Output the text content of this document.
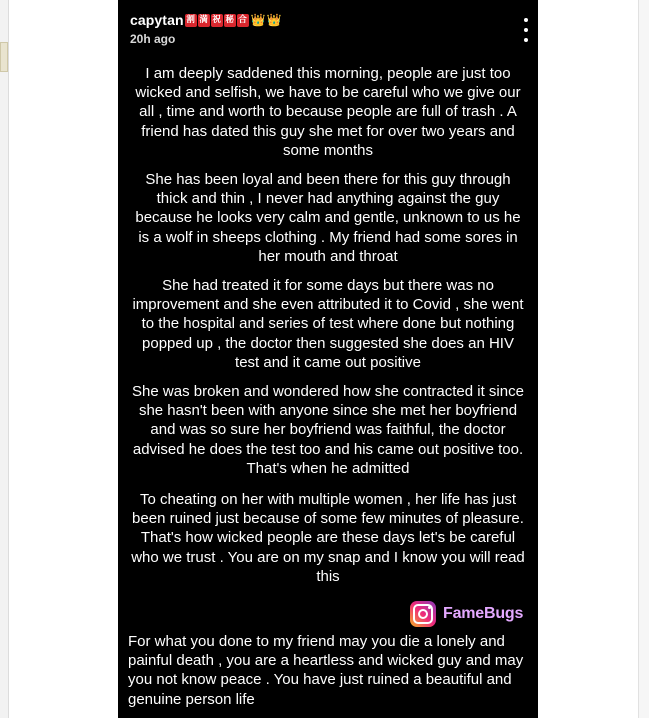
capytan 割 満 祝 秘 合 👑 👑
20h ago

I am deeply saddened this morning, people are just too wicked and selfish, we have to be careful who we give our all , time and worth to because people are full of trash . A friend has dated this guy she met for over two years and some months

She has been loyal and been there for this guy through thick and thin , I never had anything against the guy because he looks very calm and gentle, unknown to us he is a wolf in sheeps clothing . My friend had some sores in her mouth and throat

She had treated it for some days but there was no improvement and she even attributed it to Covid , she went to the hospital and series of test where done but nothing popped up , the doctor then suggested she does an HIV test and it came out positive

She was broken and wondered how she contracted it since she hasn't been with anyone since she met her boyfriend and was so sure her boyfriend was faithful, the doctor advised he does the test too and his came out positive too. That's when he admitted

To cheating on her with multiple women , her life has just been ruined just because of some few minutes of pleasure. That's how wicked people are these days let's be careful who we trust . You are on my snap and I know you will read this

FameBugs

For what you done to my friend may you die a lonely and painful death , you are a heartless and wicked guy and may you not know peace . You have just ruined a beautiful and genuine person life
